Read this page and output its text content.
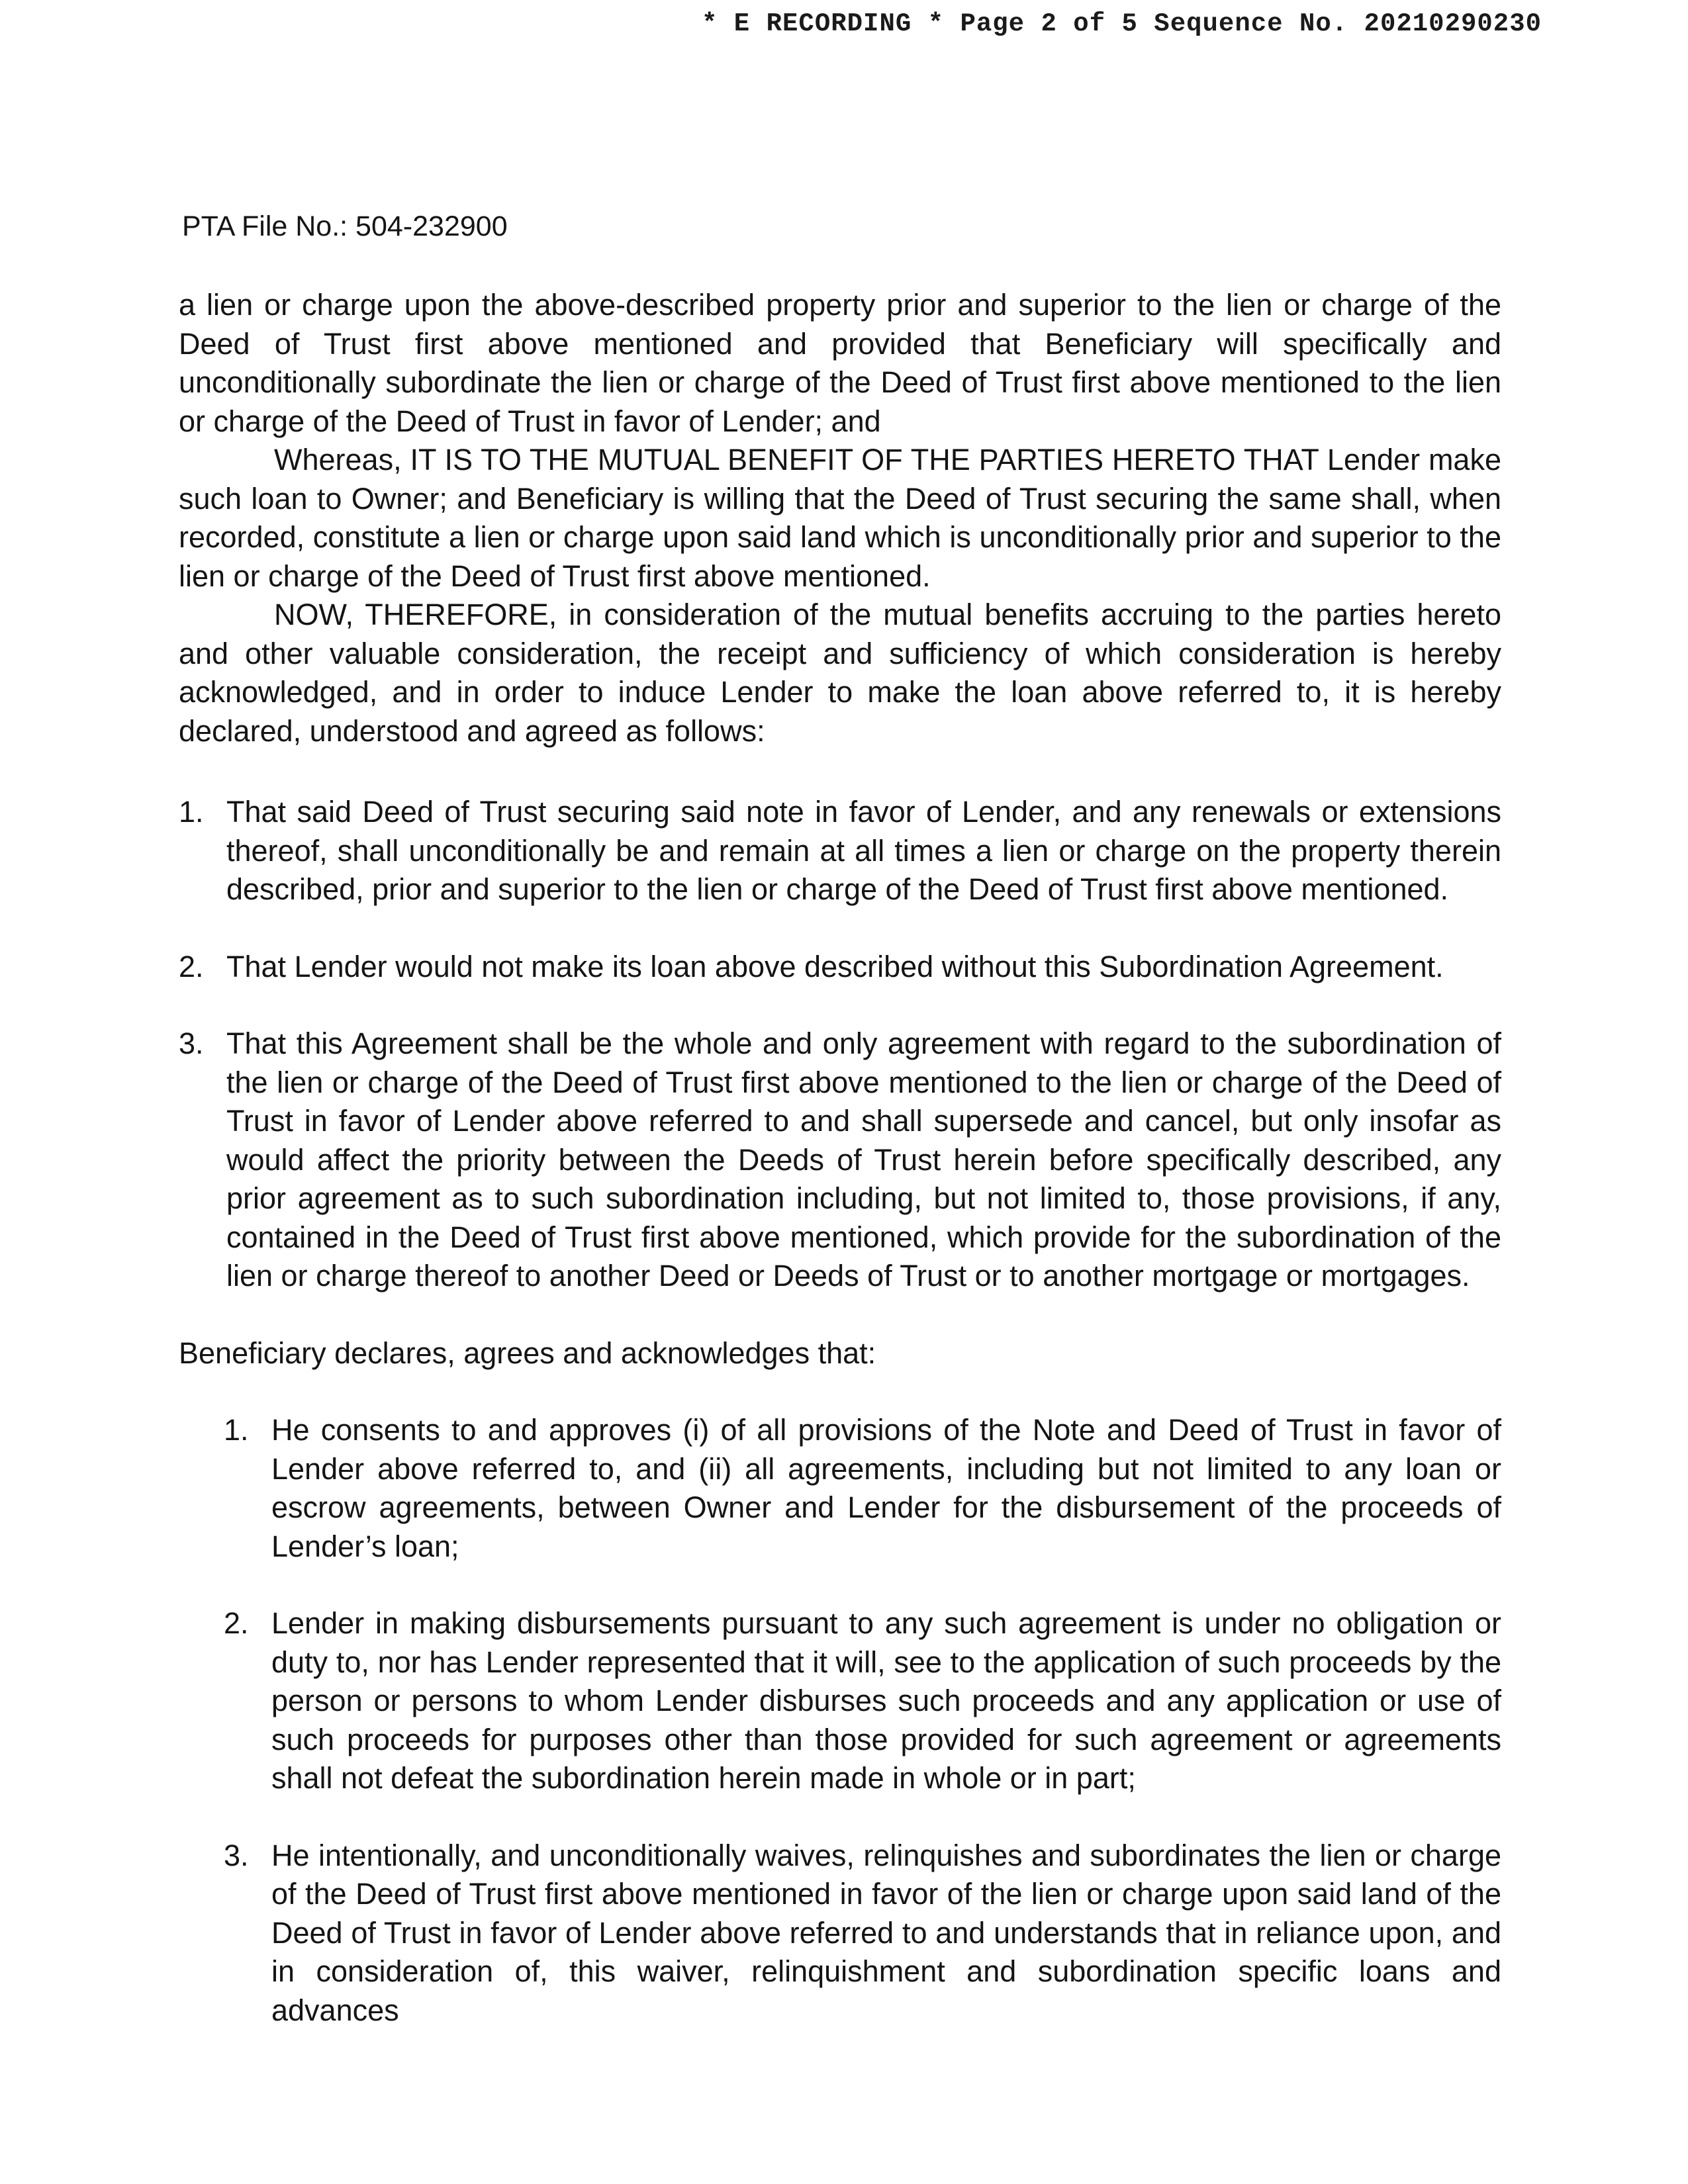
* E RECORDING * Page 2 of 5 Sequence No. 20210290230
PTA File No.: 504-232900

a lien or charge upon the above-described property prior and superior to the lien or charge of the Deed of Trust first above mentioned and provided that Beneficiary will specifically and unconditionally subordinate the lien or charge of the Deed of Trust first above mentioned to the lien or charge of the Deed of Trust in favor of Lender; and

Whereas, IT IS TO THE MUTUAL BENEFIT OF THE PARTIES HERETO THAT Lender make such loan to Owner; and Beneficiary is willing that the Deed of Trust securing the same shall, when recorded, constitute a lien or charge upon said land which is unconditionally prior and superior to the lien or charge of the Deed of Trust first above mentioned.

NOW, THEREFORE, in consideration of the mutual benefits accruing to the parties hereto and other valuable consideration, the receipt and sufficiency of which consideration is hereby acknowledged, and in order to induce Lender to make the loan above referred to, it is hereby declared, understood and agreed as follows:

1. That said Deed of Trust securing said note in favor of Lender, and any renewals or extensions thereof, shall unconditionally be and remain at all times a lien or charge on the property therein described, prior and superior to the lien or charge of the Deed of Trust first above mentioned.
2. That Lender would not make its loan above described without this Subordination Agreement.
3. That this Agreement shall be the whole and only agreement with regard to the subordination of the lien or charge of the Deed of Trust first above mentioned to the lien or charge of the Deed of Trust in favor of Lender above referred to and shall supersede and cancel, but only insofar as would affect the priority between the Deeds of Trust herein before specifically described, any prior agreement as to such subordination including, but not limited to, those provisions, if any, contained in the Deed of Trust first above mentioned, which provide for the subordination of the lien or charge thereof to another Deed or Deeds of Trust or to another mortgage or mortgages.

Beneficiary declares, agrees and acknowledges that:

1. He consents to and approves (i) of all provisions of the Note and Deed of Trust in favor of Lender above referred to, and (ii) all agreements, including but not limited to any loan or escrow agreements, between Owner and Lender for the disbursement of the proceeds of Lender’s loan;
2. Lender in making disbursements pursuant to any such agreement is under no obligation or duty to, nor has Lender represented that it will, see to the application of such proceeds by the person or persons to whom Lender disburses such proceeds and any application or use of such proceeds for purposes other than those provided for such agreement or agreements shall not defeat the subordination herein made in whole or in part;
3. He intentionally, and unconditionally waives, relinquishes and subordinates the lien or charge of the Deed of Trust first above mentioned in favor of the lien or charge upon said land of the Deed of Trust in favor of Lender above referred to and understands that in reliance upon, and in consideration of, this waiver, relinquishment and subordination specific loans and advances
